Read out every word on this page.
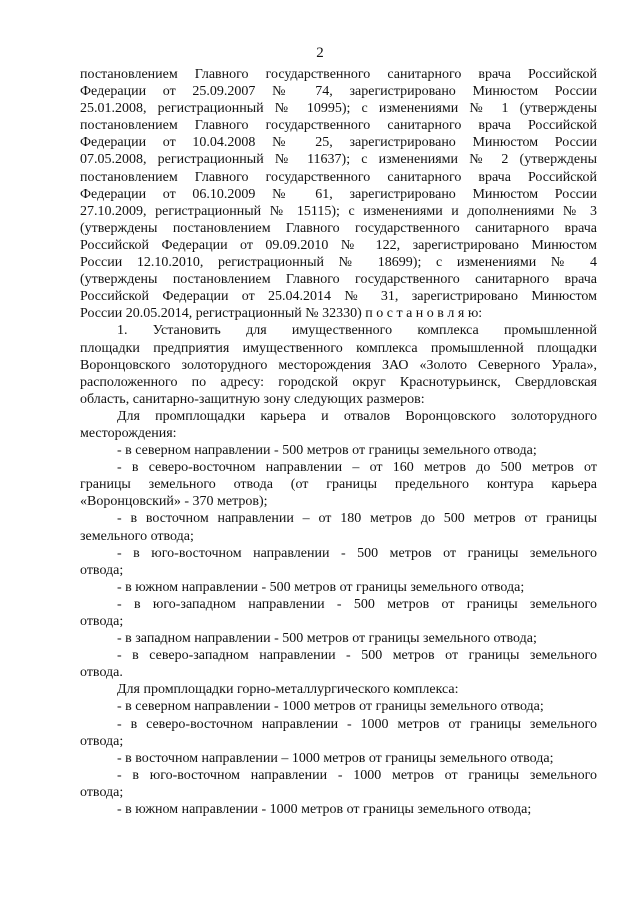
2
постановлением Главного государственного санитарного врача Российской
Федерации от 25.09.2007 № 74, зарегистрировано Минюстом России
25.01.2008, регистрационный № 10995); с изменениями № 1 (утверждены
постановлением Главного государственного санитарного врача Российской
Федерации от 10.04.2008 № 25, зарегистрировано Минюстом России
07.05.2008, регистрационный № 11637); с изменениями № 2 (утверждены
постановлением Главного государственного санитарного врача Российской
Федерации от 06.10.2009 № 61, зарегистрировано Минюстом России
27.10.2009, регистрационный № 15115); с изменениями и дополнениями № 3
(утверждены постановлением Главного государственного санитарного врача
Российской Федерации от 09.09.2010 № 122, зарегистрировано Минюстом
России 12.10.2010, регистрационный № 18699); с изменениями № 4
(утверждены постановлением Главного государственного санитарного врача
Российской Федерации от 25.04.2014 № 31, зарегистрировано Минюстом
России 20.05.2014, регистрационный № 32330) п о с т а н о в л я ю:
1. Установить для имущественного комплекса промышленной
площадки предприятия имущественного комплекса промышленной площадки
Воронцовского золоторудного месторождения ЗАО «Золото Северного Урала»,
расположенного по адресу: городской округ Краснотурьинск, Свердловская
область, санитарно-защитную зону следующих размеров:
Для промплощадки карьера и отвалов Воронцовского золоторудного
месторождения:
- в северном направлении - 500 метров от границы земельного отвода;
- в северо-восточном направлении – от 160 метров до 500 метров от
границы земельного отвода (от границы предельного контура карьера
«Воронцовский» - 370 метров);
- в восточном направлении – от 180 метров до 500 метров от границы
земельного отвода;
- в юго-восточном направлении - 500 метров от границы земельного
отвода;
- в южном направлении - 500 метров от границы земельного отвода;
- в юго-западном направлении - 500 метров от границы земельного
отвода;
- в западном направлении - 500 метров от границы земельного отвода;
- в северо-западном направлении - 500 метров от границы земельного
отвода.
Для промплощадки горно-металлургического комплекса:
- в северном направлении - 1000 метров от границы земельного отвода;
- в северо-восточном направлении - 1000 метров от границы земельного
отвода;
- в восточном направлении – 1000 метров от границы земельного отвода;
- в юго-восточном направлении - 1000 метров от границы земельного
отвода;
- в южном направлении - 1000 метров от границы земельного отвода;
